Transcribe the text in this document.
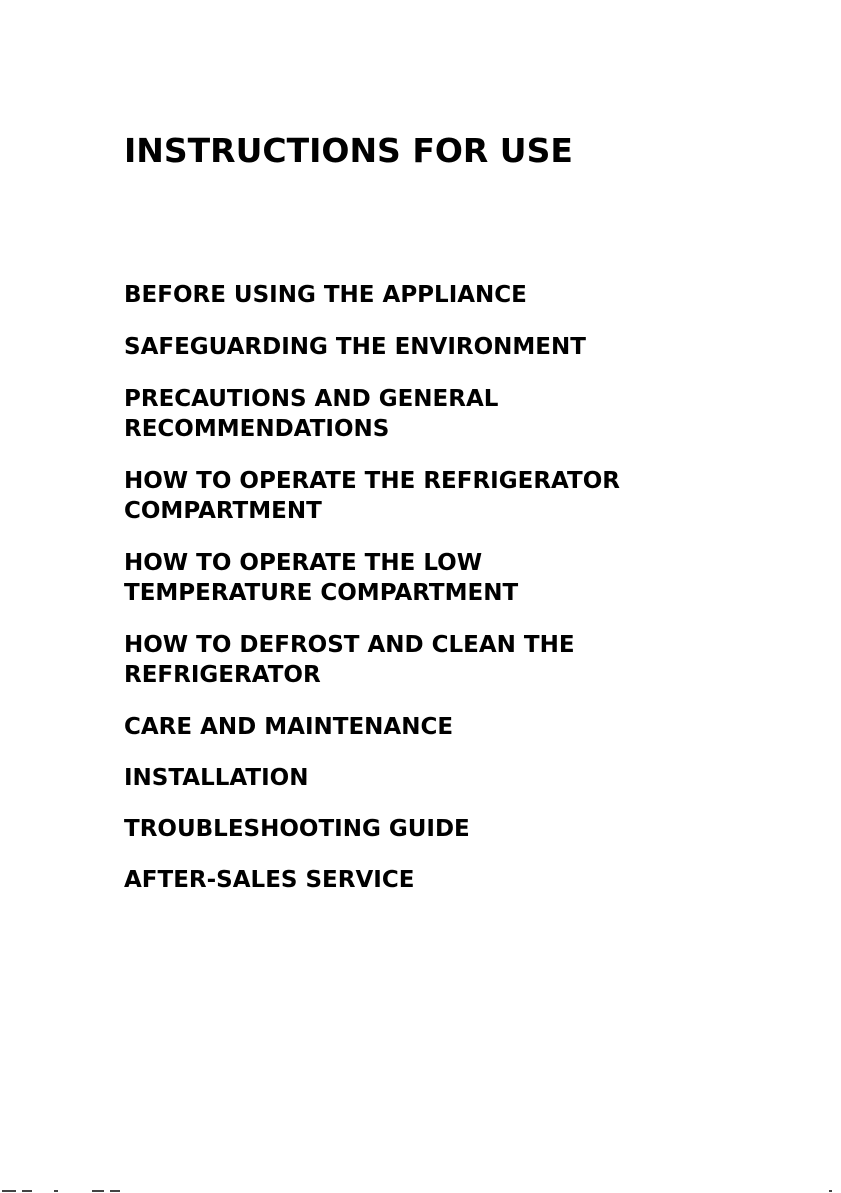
INSTRUCTIONS FOR USE
BEFORE USING THE APPLIANCE
SAFEGUARDING THE ENVIRONMENT
PRECAUTIONS AND GENERAL
RECOMMENDATIONS
HOW TO OPERATE THE REFRIGERATOR
COMPARTMENT
HOW TO OPERATE THE LOW
TEMPERATURE COMPARTMENT
HOW TO DEFROST AND CLEAN THE
REFRIGERATOR
CARE AND MAINTENANCE
INSTALLATION
TROUBLESHOOTING GUIDE
AFTER-SALES SERVICE
